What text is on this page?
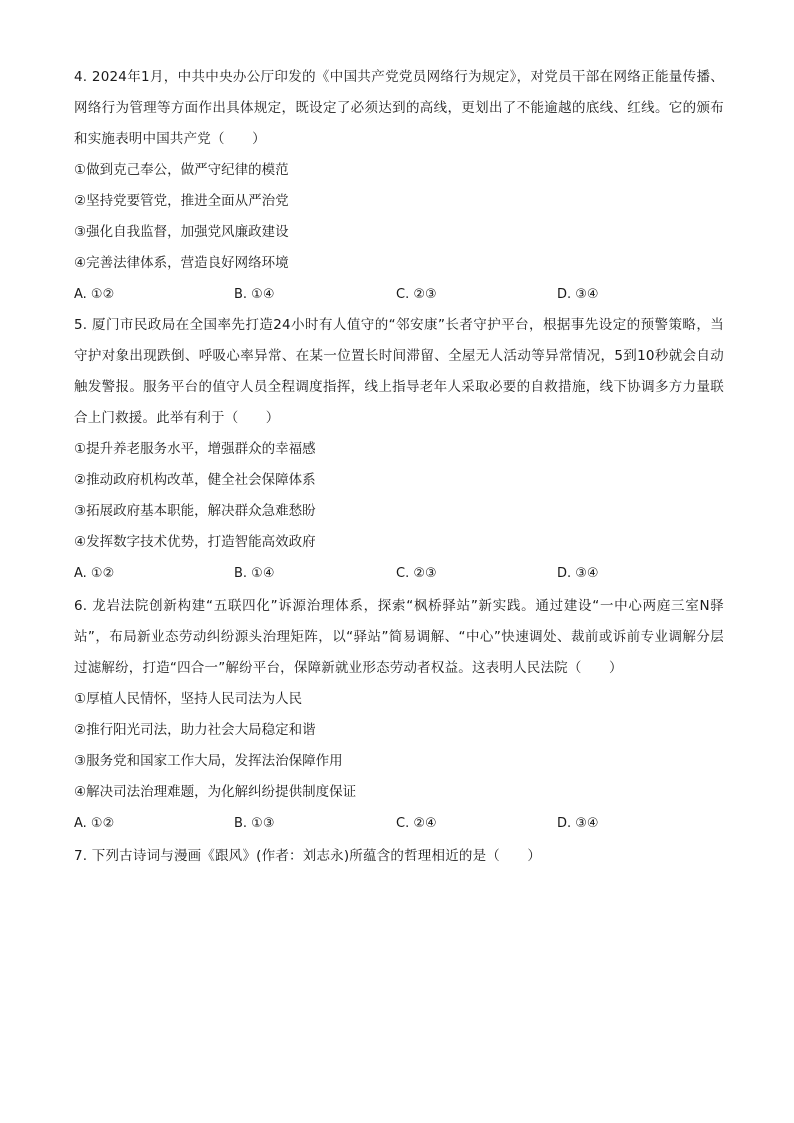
4. 2024年1月，中共中央办公厅印发的《中国共产党党员网络行为规定》，对党员干部在网络正能量传播、网络行为管理等方面作出具体规定，既设定了必须达到的高线，更划出了不能逾越的底线、红线。它的颁布和实施表明中国共产党（　　）

①做到克己奉公，做严守纪律的模范

②坚持党要管党，推进全面从严治党

③强化自我监督，加强党风廉政建设

④完善法律体系，营造良好网络环境

A. ①②	B. ①④	C. ②③	D. ③④

5. 厦门市民政局在全国率先打造24小时有人值守的“邻安康”长者守护平台，根据事先设定的预警策略，当守护对象出现跌倒、呼吸心率异常、在某一位置长时间滞留、全屋无人活动等异常情况，5到10秒就会自动触发警报。服务平台的值守人员全程调度指挥，线上指导老年人采取必要的自救措施，线下协调多方力量联合上门救援。此举有利于（　　）

①提升养老服务水平，增强群众的幸福感

②推动政府机构改革，健全社会保障体系

③拓展政府基本职能，解决群众急难愁盼

④发挥数字技术优势，打造智能高效政府

A. ①②	B. ①④	C. ②③	D. ③④

6. 龙岩法院创新构建“五联四化”诉源治理体系，探索“枫桥驿站”新实践。通过建设“一中心两庭三室N驿站”，布局新业态劳动纠纷源头治理矩阵，以“驿站”简易调解、“中心”快速调处、裁前或诉前专业调解分层过滤解纷，打造“四合一”解纷平台，保障新就业形态劳动者权益。这表明人民法院（　　）

①厚植人民情怀，坚持人民司法为人民

②推行阳光司法，助力社会大局稳定和谐

③服务党和国家工作大局，发挥法治保障作用

④解决司法治理难题，为化解纠纷提供制度保证

A. ①②	B. ①③	C. ②④	D. ③④

7. 下列古诗词与漫画《跟风》(作者：刘志永)所蕴含的哲理相近的是（　　）
